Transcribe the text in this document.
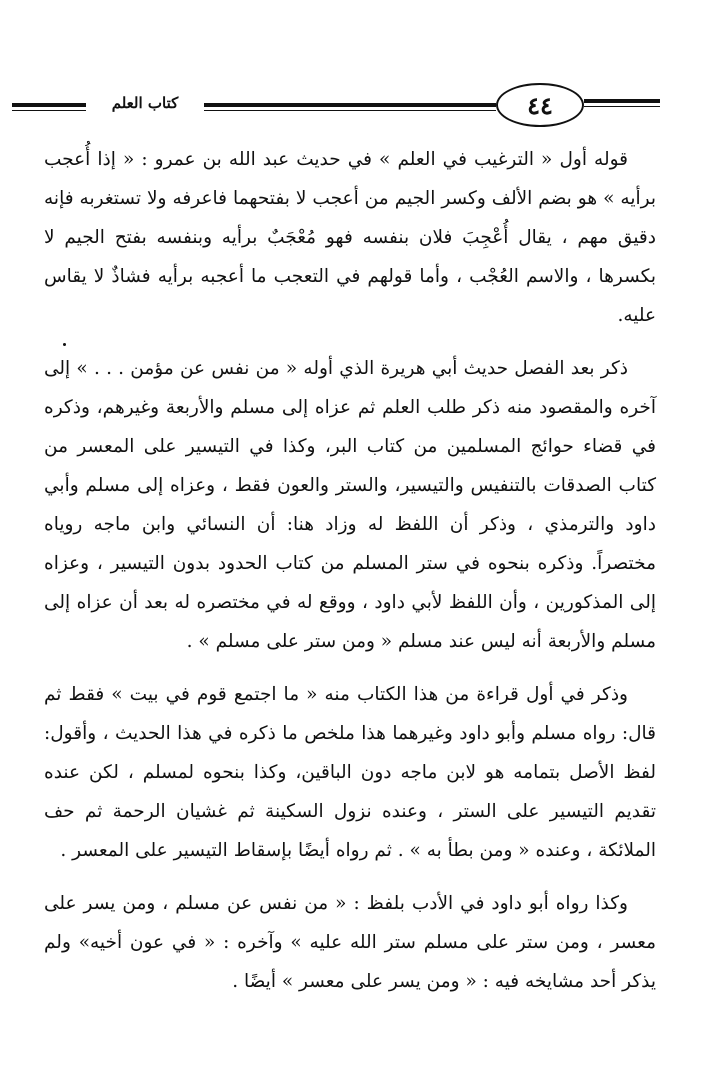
٤٤
كتاب العلم

قوله أول « الترغيب في العلم » في حديث عبد الله بن عمرو : « إذا أُعجب برأيه » هو بضم الألف وكسر الجيم من أعجب لا بفتحهما فاعرفه ولا تستغربه فإنه دقيق مهم ، يقال أُعْجِبَ فلان بنفسه فهو مُعْجَبٌ برأيه وبنفسه بفتح الجيم لا بكسرها ، والاسم العُجْب ، وأما قولهم في التعجب ما أعجبه برأيه فشاذٌ لا يقاس عليه.

ذكر بعد الفصل حديث أبي هريرة الذي أوله « من نفس عن مؤمن . . . » إلى آخره والمقصود منه ذكر طلب العلم ثم عزاه إلى مسلم والأربعة وغيرهم، وذكره في قضاء حوائج المسلمين من كتاب البر، وكذا في التيسير على المعسر من كتاب الصدقات بالتنفيس والتيسير، والستر والعون فقط ، وعزاه إلى مسلم وأبي داود والترمذي ، وذكر أن اللفظ له وزاد هنا: أن النسائي وابن ماجه روياه مختصراً. وذكره بنحوه في ستر المسلم من كتاب الحدود بدون التيسير ، وعزاه إلى المذكورين ، وأن اللفظ لأبي داود ، ووقع له في مختصره له بعد أن عزاه إلى مسلم والأربعة أنه ليس عند مسلم « ومن ستر على مسلم » .

وذكر في أول قراءة من هذا الكتاب منه « ما اجتمع قوم في بيت » فقط ثم قال: رواه مسلم وأبو داود وغيرهما هذا ملخص ما ذكره في هذا الحديث ، وأقول: لفظ الأصل بتمامه هو لابن ماجه دون الباقين، وكذا بنحوه لمسلم ، لكن عنده تقديم التيسير على الستر ، وعنده نزول السكينة ثم غشيان الرحمة ثم حف الملائكة ، وعنده « ومن بطأ به » . ثم رواه أيضًا بإسقاط التيسير على المعسر .

وكذا رواه أبو داود في الأدب بلفظ : « من نفس عن مسلم ، ومن يسر على معسر ، ومن ستر على مسلم ستر الله عليه » وآخره : « في عون أخيه» ولم يذكر أحد مشايخه فيه : « ومن يسر على معسر » أيضًا .
